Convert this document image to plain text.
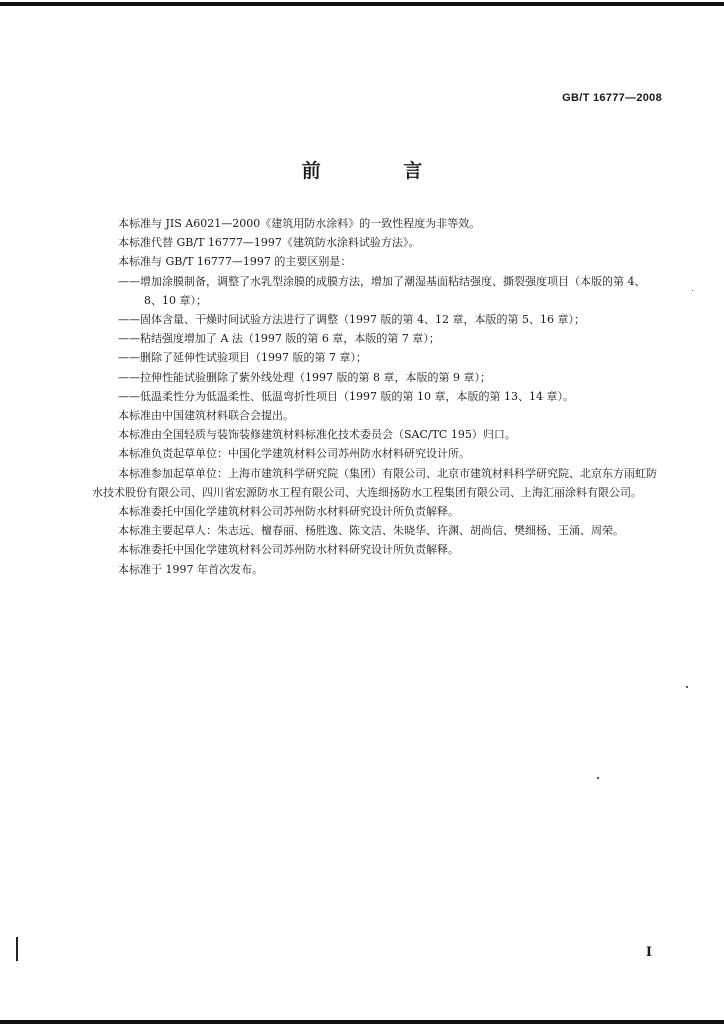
GB/T 16777—2008
前 言

本标准与 JIS A6021—2000《建筑用防水涂料》的一致性程度为非等效。

本标准代替 GB/T 16777—1997《建筑防水涂料试验方法》。

本标准与 GB/T 16777—1997 的主要区别是：

——增加涂膜制备，调整了水乳型涂膜的成膜方法，增加了潮湿基面粘结强度、撕裂强度项目（本版的第 4、8、10 章）；

——固体含量、干燥时间试验方法进行了调整（1997 版的第 4、12 章，本版的第 5、16 章）；

——粘结强度增加了 A 法（1997 版的第 6 章，本版的第 7 章）；

——删除了延伸性试验项目（1997 版的第 7 章）；

——拉伸性能试验删除了紫外线处理（1997 版的第 8 章，本版的第 9 章）；

——低温柔性分为低温柔性、低温弯折性项目（1997 版的第 10 章，本版的第 13、14 章）。

本标准由中国建筑材料联合会提出。

本标准由全国轻质与装饰装修建筑材料标准化技术委员会（SAC/TC 195）归口。

本标准负责起草单位：中国化学建筑材料公司苏州防水材料研究设计所。

本标准参加起草单位：上海市建筑科学研究院（集团）有限公司、北京市建筑材料科学研究院、北京东方雨虹防水技术股份有限公司、四川省宏源防水工程有限公司、大连细扬防水工程集团有限公司、上海汇丽涂料有限公司。

本标准委托中国化学建筑材料公司苏州防水材料研究设计所负责解释。

本标准主要起草人：朱志远、檀春丽、杨胜逸、陈文洁、朱晓华、许渊、胡尚信、樊细杨、王涌、周荣。

本标准委托中国化学建筑材料公司苏州防水材料研究设计所负责解释。

本标准于 1997 年首次发布。

I
